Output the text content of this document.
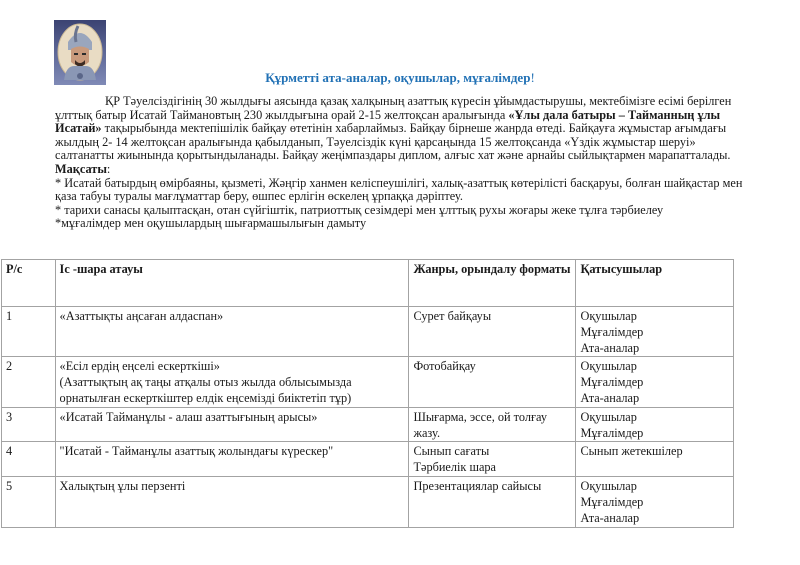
Құрметті ата-аналар, оқушылар, мұғалімдер!

ҚР Тәуелсіздігінің 30 жылдығы аясында қазақ халқының азаттық күресін ұйымдастырушы, мектебімізге есімі берілген ұлттық батыр Исатай Таймановтың 230 жылдығына орай 2-15 желтоқсан аралығында «Ұлы дала батыры – Тайманның ұлы Исатай» тақырыбында мектепішілік байқау өтетінін хабарлаймыз. Байқау бірнеше жанрда өтеді. Байқауға жұмыстар ағымдағы жылдың 2- 14 желтоқсан аралығында қабылданып, Тәуелсіздік күні қарсаңында 15 желтоқсанда «Үздік жұмыстар шеруі» салтанатты жиынында қорытындыланады. Байқау жеңімпаздары диплом, алғыс хат және арнайы сыйлықтармен марапатталады.

Мақсаты:

* Исатай батырдың өмірбаяны, қызметі, Жәңгір ханмен келіспеушілігі, халық-азаттық көтерілісті басқаруы, болған шайқастар мен қаза табуы туралы мағлұматтар беру, өшпес ерлігін өскелең ұрпаққа дәріптеу.

* тарихи санасы қалыптасқан, отан сүйгіштік, патриоттық сезімдері мен ұлттық рухы жоғары жеке тұлға тәрбиелеу

*мұғалімдер мен оқушылардың шығармашылығын дамыту

Р/с	Іс -шара атауы	Жанры, орындалу форматы	Қатысушылар
1	«Азаттықты аңсаған алдаспан»	Сурет байқауы	Оқушылар
Мұғалімдер
Ата-аналар

2	«Есіл ердің еңселі ескерткіші»
(Азаттықтың ақ таңы атқалы отыз жылда облысымызда орнатылған ескерткіштер елдік еңсемізді биіктетіп тұр)	Фотобайқау	Оқушылар
Мұғалімдер
Ата-аналар

3	«Исатай Тайманұлы - алаш азаттығының арысы»	Шығарма, эссе, ой толғау жазу.	Оқушылар
Мұғалімдер

4	"Исатай - Тайманұлы азаттық жолындағы күрескер"	Сынып сағаты
Тәрбиелік шара	Сынып жетекшілер

5	Халықтың ұлы перзенті	Презентациялар сайысы	Оқушылар
Мұғалімдер
Ата-аналар
